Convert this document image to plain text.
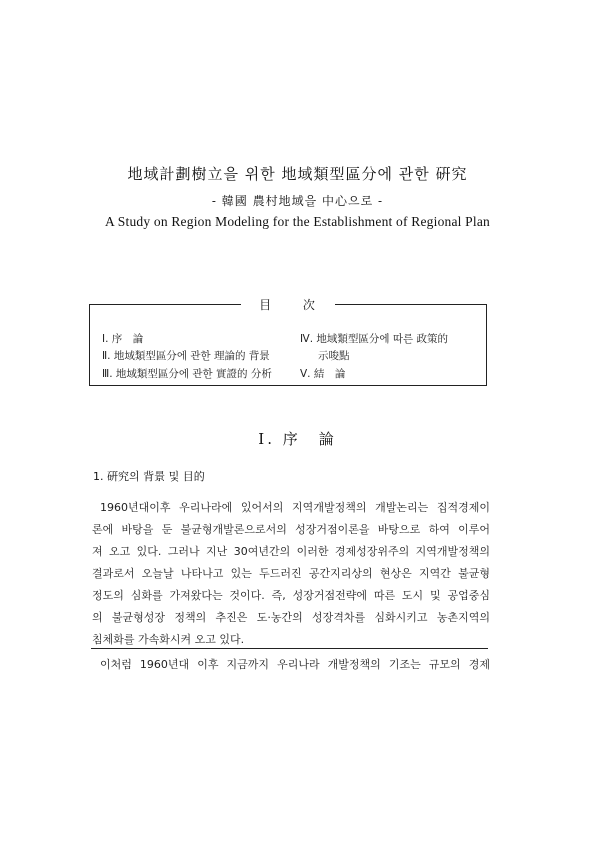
地域計劃樹立을 위한 地域類型區分에 관한 硏究
- 韓國 農村地域을 中心으로 -
A Study on Region Modeling for the Establishment of Regional Plan
目 次
Ⅰ. 序　論
Ⅱ. 地域類型區分에 관한 理論的 背景
Ⅲ. 地域類型區分에 관한 實證的 分析
Ⅳ. 地域類型區分에 따른 政策的
示唆點
Ⅴ. 結　論
Ⅰ. 序　論
1. 硏究의 背景 및 目的
1960년대이후 우리나라에 있어서의 지역개발정책의 개발논리는 집적경제이
론에 바탕을 둔 불균형개발론으로서의 성장거점이론을 바탕으로 하여 이루어
져 오고 있다. 그러나 지난 30여년간의 이러한 경제성장위주의 지역개발정책의
결과로서 오늘날 나타나고 있는 두드러진 공간지리상의 현상은 지역간 불균형
정도의 심화를 가져왔다는 것이다. 즉, 성장거점전략에 따른 도시 및 공업중심
의 불균형성장 정책의 추진은 도·농간의 성장격차를 심화시키고 농촌지역의
침체화를 가속화시켜 오고 있다.
이처럼 1960년대 이후 지금까지 우리나라 개발정책의 기조는 규모의 경제
